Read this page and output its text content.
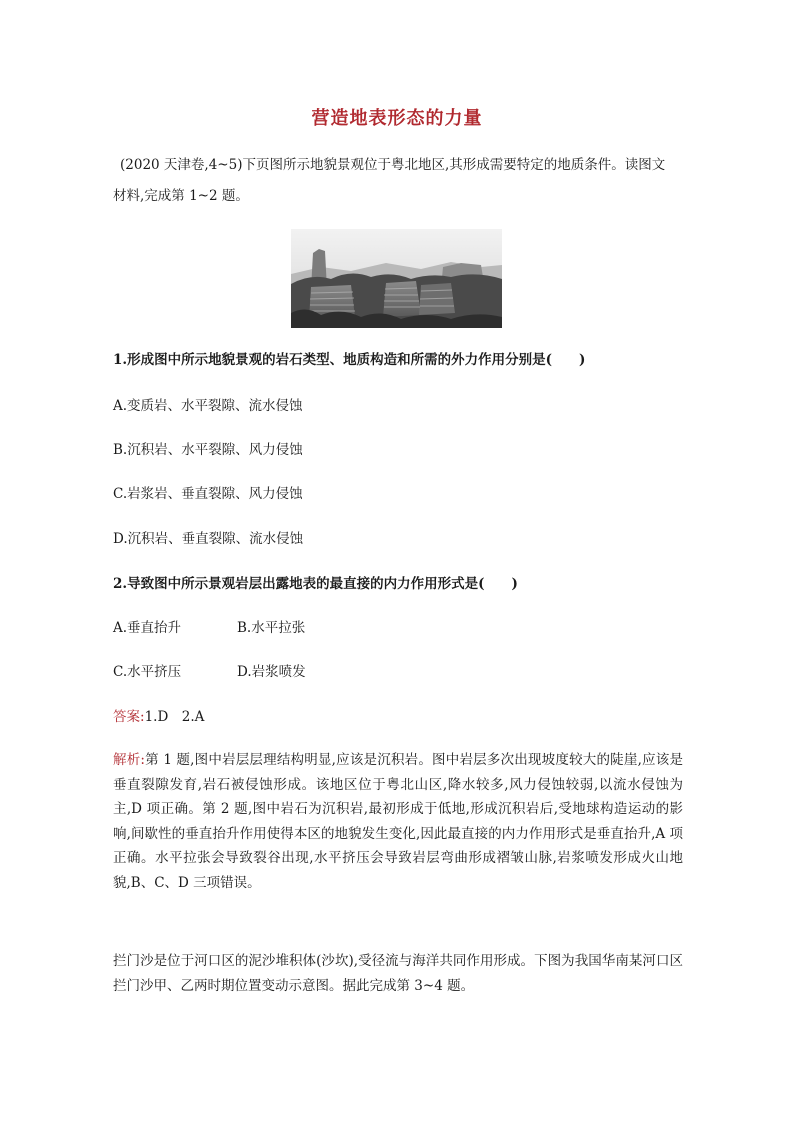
营造地表形态的力量
(2020 天津卷,4~5)下页图所示地貌景观位于粤北地区,其形成需要特定的地质条件。读图文
材料,完成第 1~2 题。
1.形成图中所示地貌景观的岩石类型、地质构造和所需的外力作用分别是(　　)
A.变质岩、水平裂隙、流水侵蚀
B.沉积岩、水平裂隙、风力侵蚀
C.岩浆岩、垂直裂隙、风力侵蚀
D.沉积岩、垂直裂隙、流水侵蚀
2.导致图中所示景观岩层出露地表的最直接的内力作用形式是(　　)
A.垂直抬升	B.水平拉张
C.水平挤压	D.岩浆喷发
答案:1.D　2.A

解析:第 1 题,图中岩层层理结构明显,应该是沉积岩。图中岩层多次出现坡度较大的陡崖,应该是垂直裂隙发育,岩石被侵蚀形成。该地区位于粤北山区,降水较多,风力侵蚀较弱,以流水侵蚀为主,D 项正确。第 2 题,图中岩石为沉积岩,最初形成于低地,形成沉积岩后,受地球构造运动的影响,间歇性的垂直抬升作用使得本区的地貌发生变化,因此最直接的内力作用形式是垂直抬升,A 项正确。水平拉张会导致裂谷出现,水平挤压会导致岩层弯曲形成褶皱山脉,岩浆喷发形成火山地貌,B、C、D 三项错误。

拦门沙是位于河口区的泥沙堆积体(沙坎),受径流与海洋共同作用形成。下图为我国华南某河口区拦门沙甲、乙两时期位置变动示意图。据此完成第 3~4 题。
